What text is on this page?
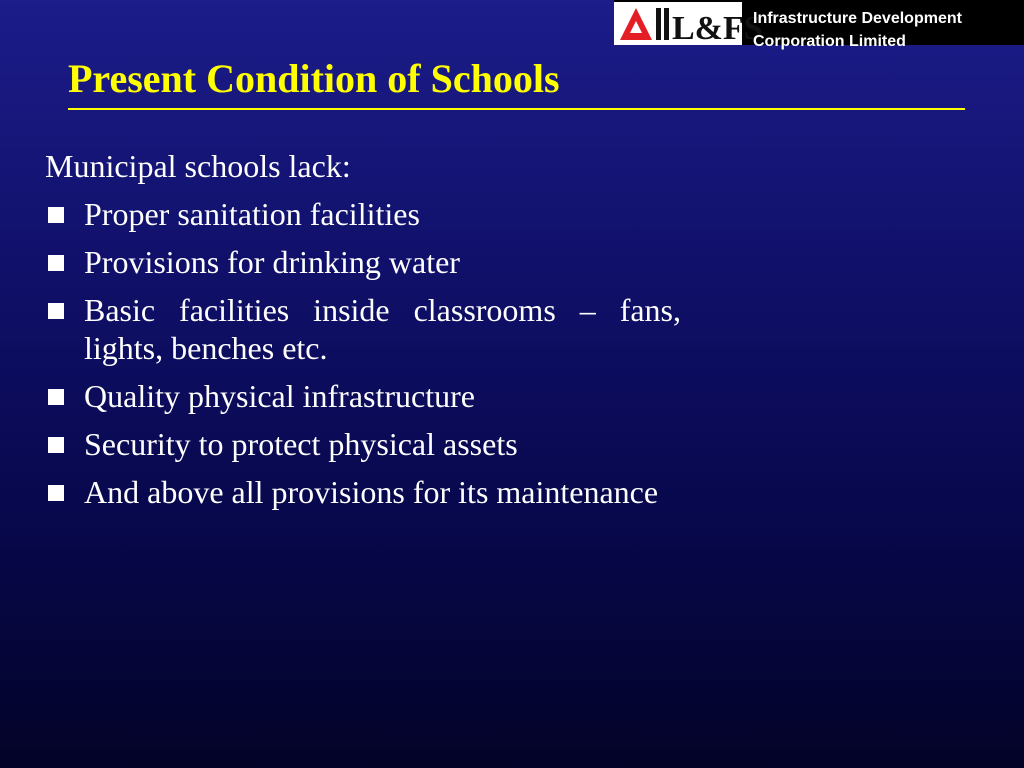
L&FS
Infrastructure Development
Corporation Limited
Present Condition of Schools

Municipal schools lack:

Proper sanitation facilities
Provisions for drinking water
Basic facilities inside classrooms – fans, lights, benches etc.
Quality physical infrastructure
Security to protect physical assets
And above all provisions for its maintenance
